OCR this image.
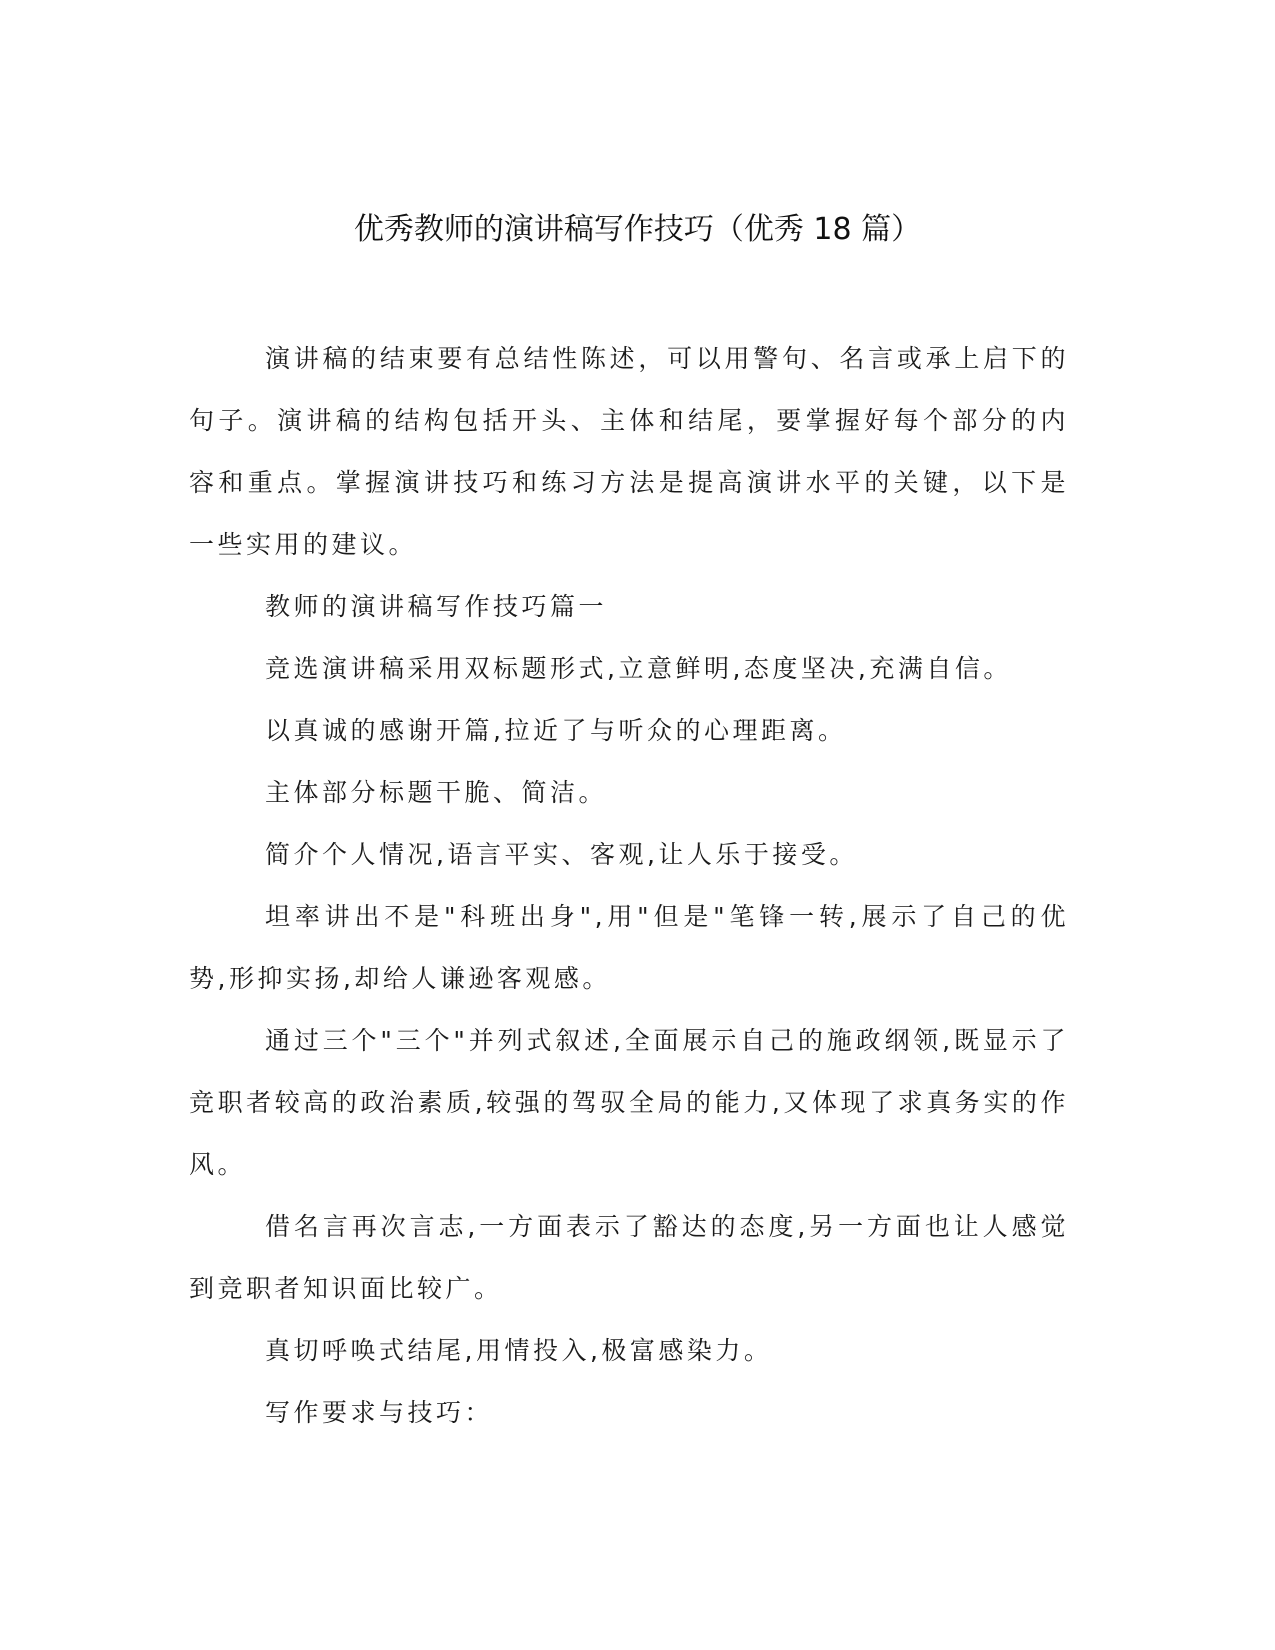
优秀教师的演讲稿写作技巧（优秀 18 篇）

演讲稿的结束要有总结性陈述，可以用警句、名言或承上启下的句子。演讲稿的结构包括开头、主体和结尾，要掌握好每个部分的内容和重点。掌握演讲技巧和练习方法是提高演讲水平的关键，以下是一些实用的建议。

教师的演讲稿写作技巧篇一

竞选演讲稿采用双标题形式,立意鲜明,态度坚决,充满自信。

以真诚的感谢开篇,拉近了与听众的心理距离。

主体部分标题干脆、简洁。

简介个人情况,语言平实、客观,让人乐于接受。

坦率讲出不是"科班出身",用"但是"笔锋一转,展示了自己的优势,形抑实扬,却给人谦逊客观感。

通过三个"三个"并列式叙述,全面展示自己的施政纲领,既显示了竞职者较高的政治素质,较强的驾驭全局的能力,又体现了求真务实的作风。

借名言再次言志,一方面表示了豁达的态度,另一方面也让人感觉到竞职者知识面比较广。

真切呼唤式结尾,用情投入,极富感染力。

写作要求与技巧：
